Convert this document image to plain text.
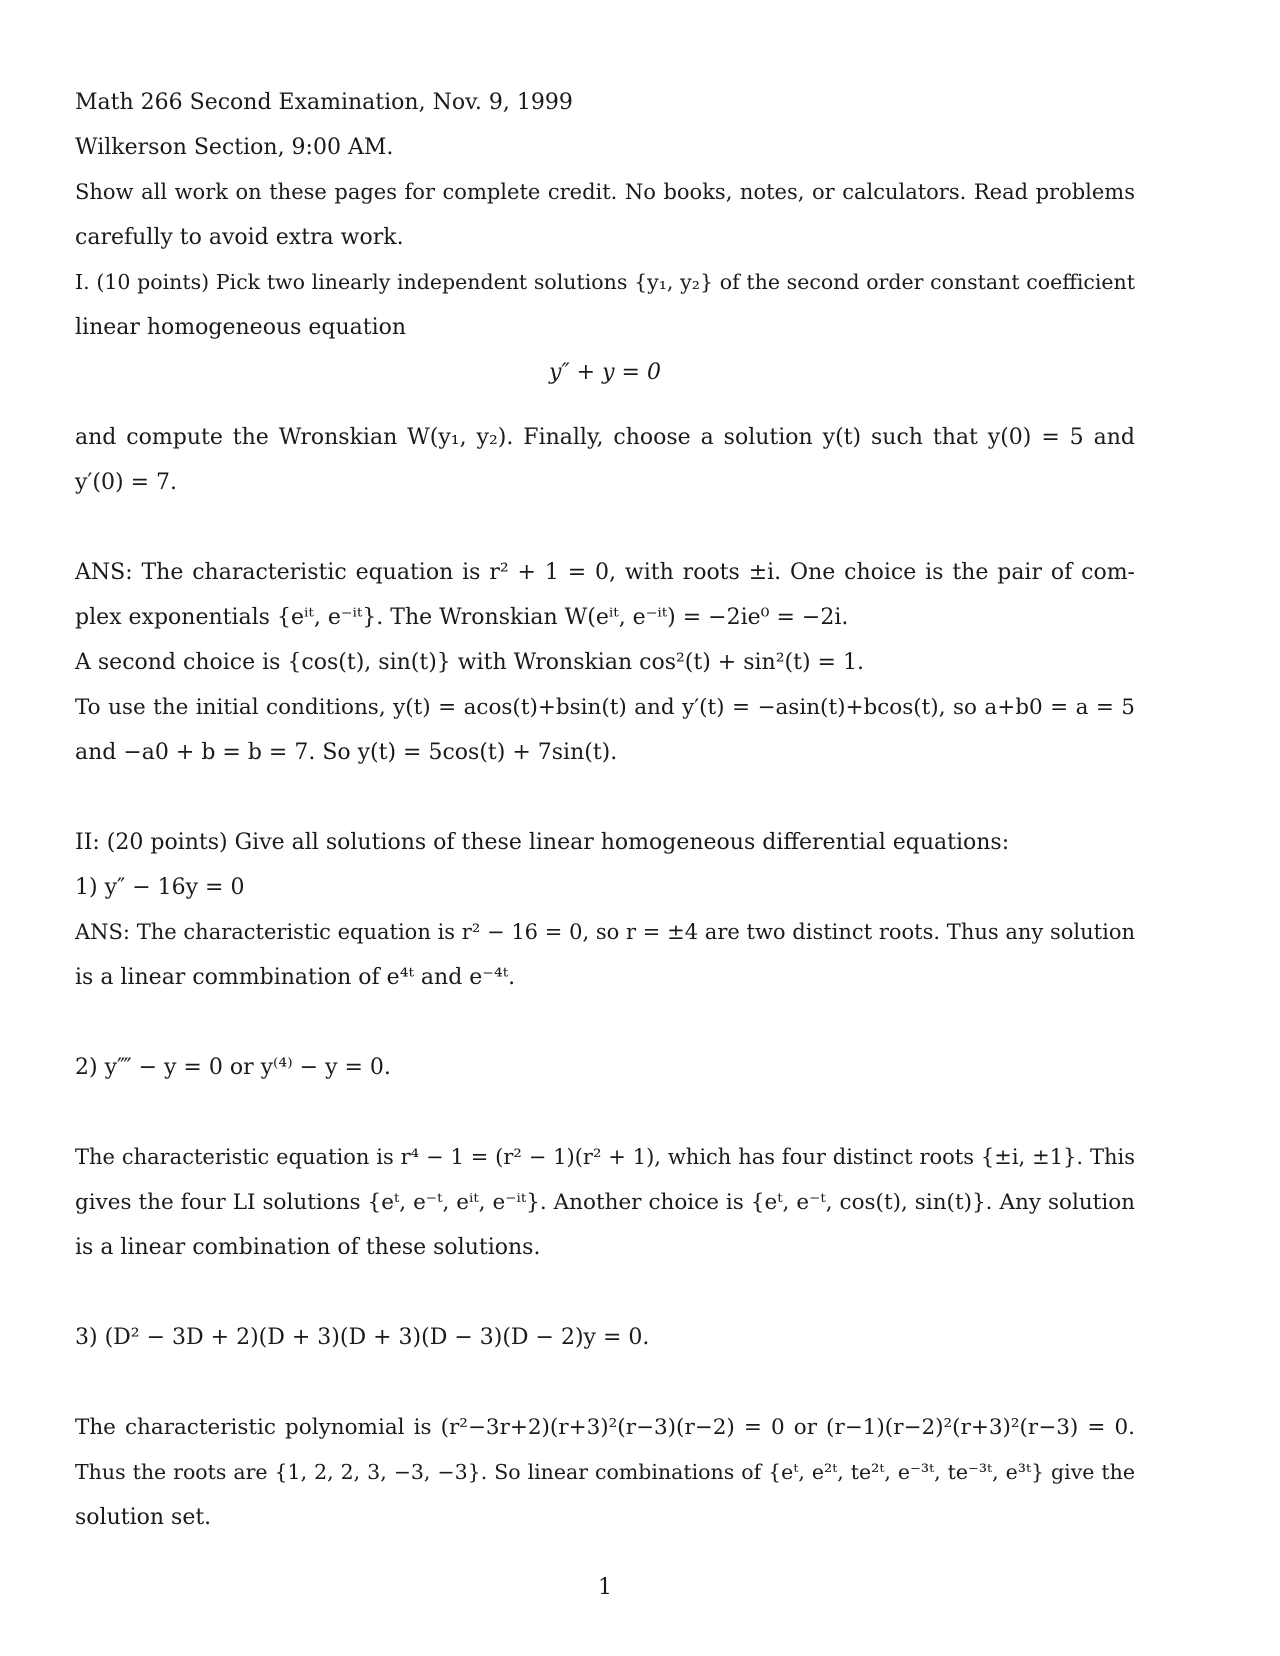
Math 266 Second Examination, Nov. 9, 1999
Wilkerson Section, 9:00 AM.
Show all work on these pages for complete credit. No books, notes, or calculators. Read problems
carefully to avoid extra work.
I. (10 points) Pick two linearly independent solutions {y₁, y₂} of the second order constant coefficient
linear homogeneous equation
y″ + y = 0
and compute the Wronskian W(y₁, y₂). Finally, choose a solution y(t) such that y(0) = 5 and
y′(0) = 7.
ANS: The characteristic equation is r² + 1 = 0, with roots ±i. One choice is the pair of com-
plex exponentials {eⁱᵗ, e⁻ⁱᵗ}. The Wronskian W(eⁱᵗ, e⁻ⁱᵗ) = −2ie⁰ = −2i.
A second choice is {cos(t), sin(t)} with Wronskian cos²(t) + sin²(t) = 1.
To use the initial conditions, y(t) = acos(t)+bsin(t) and y′(t) = −asin(t)+bcos(t), so a+b0 = a = 5
and −a0 + b = b = 7. So y(t) = 5cos(t) + 7sin(t).
II: (20 points) Give all solutions of these linear homogeneous differential equations:
1) y″ − 16y = 0
ANS: The characteristic equation is r² − 16 = 0, so r = ±4 are two distinct roots. Thus any solution
is a linear commbination of e⁴ᵗ and e⁻⁴ᵗ.
2) y⁗ − y = 0 or y⁽⁴⁾ − y = 0.
The characteristic equation is r⁴ − 1 = (r² − 1)(r² + 1), which has four distinct roots {±i, ±1}. This
gives the four LI solutions {eᵗ, e⁻ᵗ, eⁱᵗ, e⁻ⁱᵗ}. Another choice is {eᵗ, e⁻ᵗ, cos(t), sin(t)}. Any solution
is a linear combination of these solutions.
3) (D² − 3D + 2)(D + 3)(D + 3)(D − 3)(D − 2)y = 0.
The characteristic polynomial is (r²−3r+2)(r+3)²(r−3)(r−2) = 0 or (r−1)(r−2)²(r+3)²(r−3) = 0.
Thus the roots are {1, 2, 2, 3, −3, −3}. So linear combinations of {eᵗ, e²ᵗ, te²ᵗ, e⁻³ᵗ, te⁻³ᵗ, e³ᵗ} give the
solution set.
1
